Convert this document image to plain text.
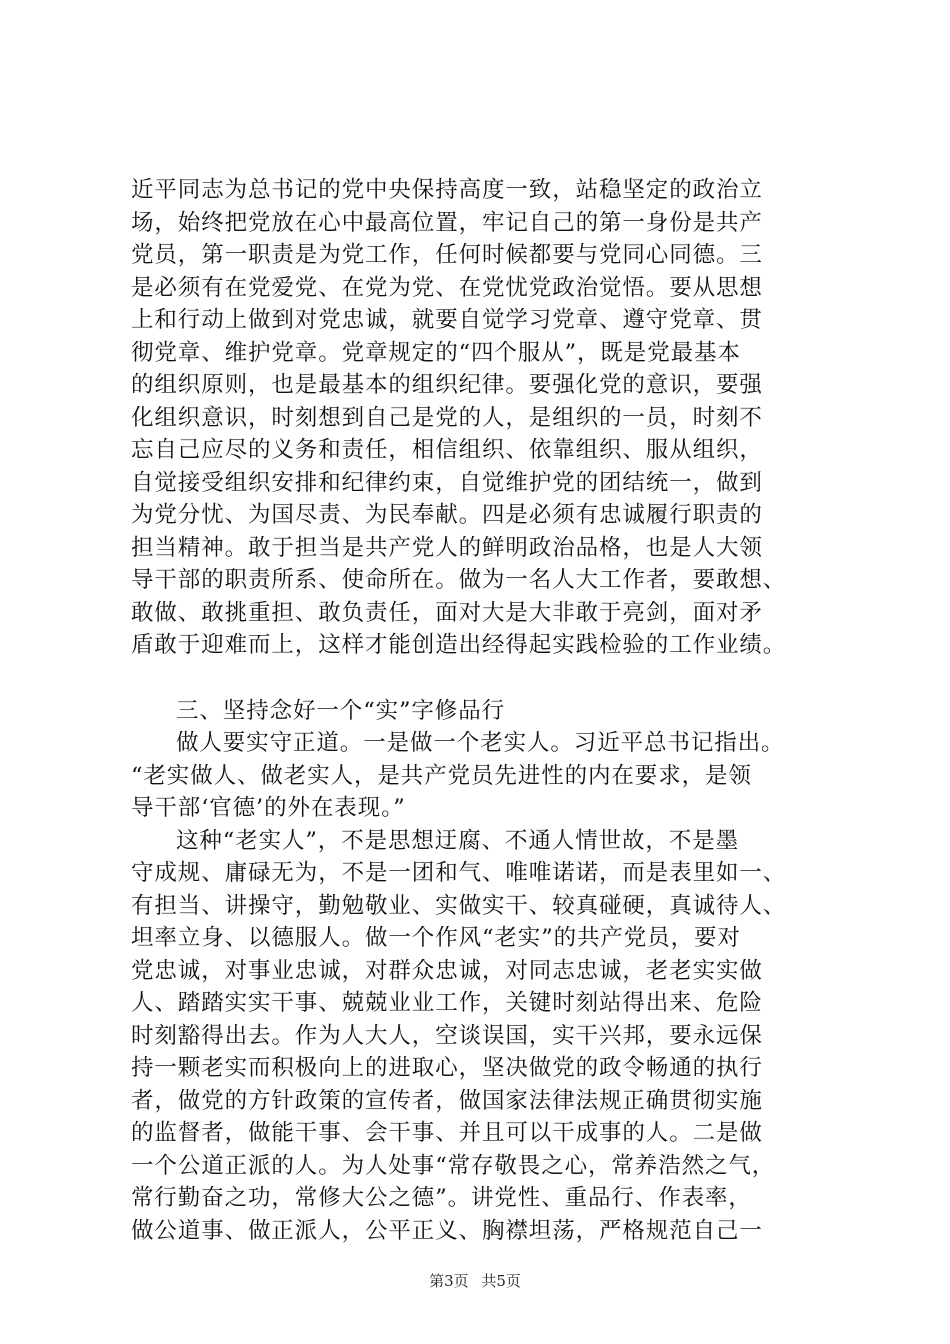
近平同志为总书记的党中央保持高度一致，站稳坚定的政治立
场，始终把党放在心中最高位置，牢记自己的第一身份是共产
党员，第一职责是为党工作，任何时候都要与党同心同德。三
是必须有在党爱党、在党为党、在党忧党政治觉悟。要从思想
上和行动上做到对党忠诚，就要自觉学习党章、遵守党章、贯
彻党章、维护党章。党章规定的“四个服从”，既是党最基本
的组织原则，也是最基本的组织纪律。要强化党的意识，要强
化组织意识，时刻想到自己是党的人，是组织的一员，时刻不
忘自己应尽的义务和责任，相信组织、依靠组织、服从组织，
自觉接受组织安排和纪律约束，自觉维护党的团结统一，做到
为党分忧、为国尽责、为民奉献。四是必须有忠诚履行职责的
担当精神。敢于担当是共产党人的鲜明政治品格，也是人大领
导干部的职责所系、使命所在。做为一名人大工作者，要敢想、
敢做、敢挑重担、敢负责任，面对大是大非敢于亮剑，面对矛
盾敢于迎难而上，这样才能创造出经得起实践检验的工作业绩。
三、坚持念好一个“实”字修品行
做人要实守正道。一是做一个老实人。习近平总书记指出。
“老实做人、做老实人，是共产党员先进性的内在要求，是领
导干部‘官德’的外在表现。”
这种“老实人”，不是思想迂腐、不通人情世故，不是墨
守成规、庸碌无为，不是一团和气、唯唯诺诺，而是表里如一、
有担当、讲操守，勤勉敬业、实做实干、较真碰硬，真诚待人、
坦率立身、以德服人。做一个作风“老实”的共产党员，要对
党忠诚，对事业忠诚，对群众忠诚，对同志忠诚，老老实实做
人、踏踏实实干事、兢兢业业工作，关键时刻站得出来、危险
时刻豁得出去。作为人大人，空谈误国，实干兴邦，要永远保
持一颗老实而积极向上的进取心，坚决做党的政令畅通的执行
者，做党的方针政策的宣传者，做国家法律法规正确贯彻实施
的监督者，做能干事、会干事、并且可以干成事的人。二是做
一个公道正派的人。为人处事“常存敬畏之心，常养浩然之气，
常行勤奋之功，常修大公之德”。讲党性、重品行、作表率，
做公道事、做正派人，公平正义、胸襟坦荡，严格规范自己一
第3页 共5页
